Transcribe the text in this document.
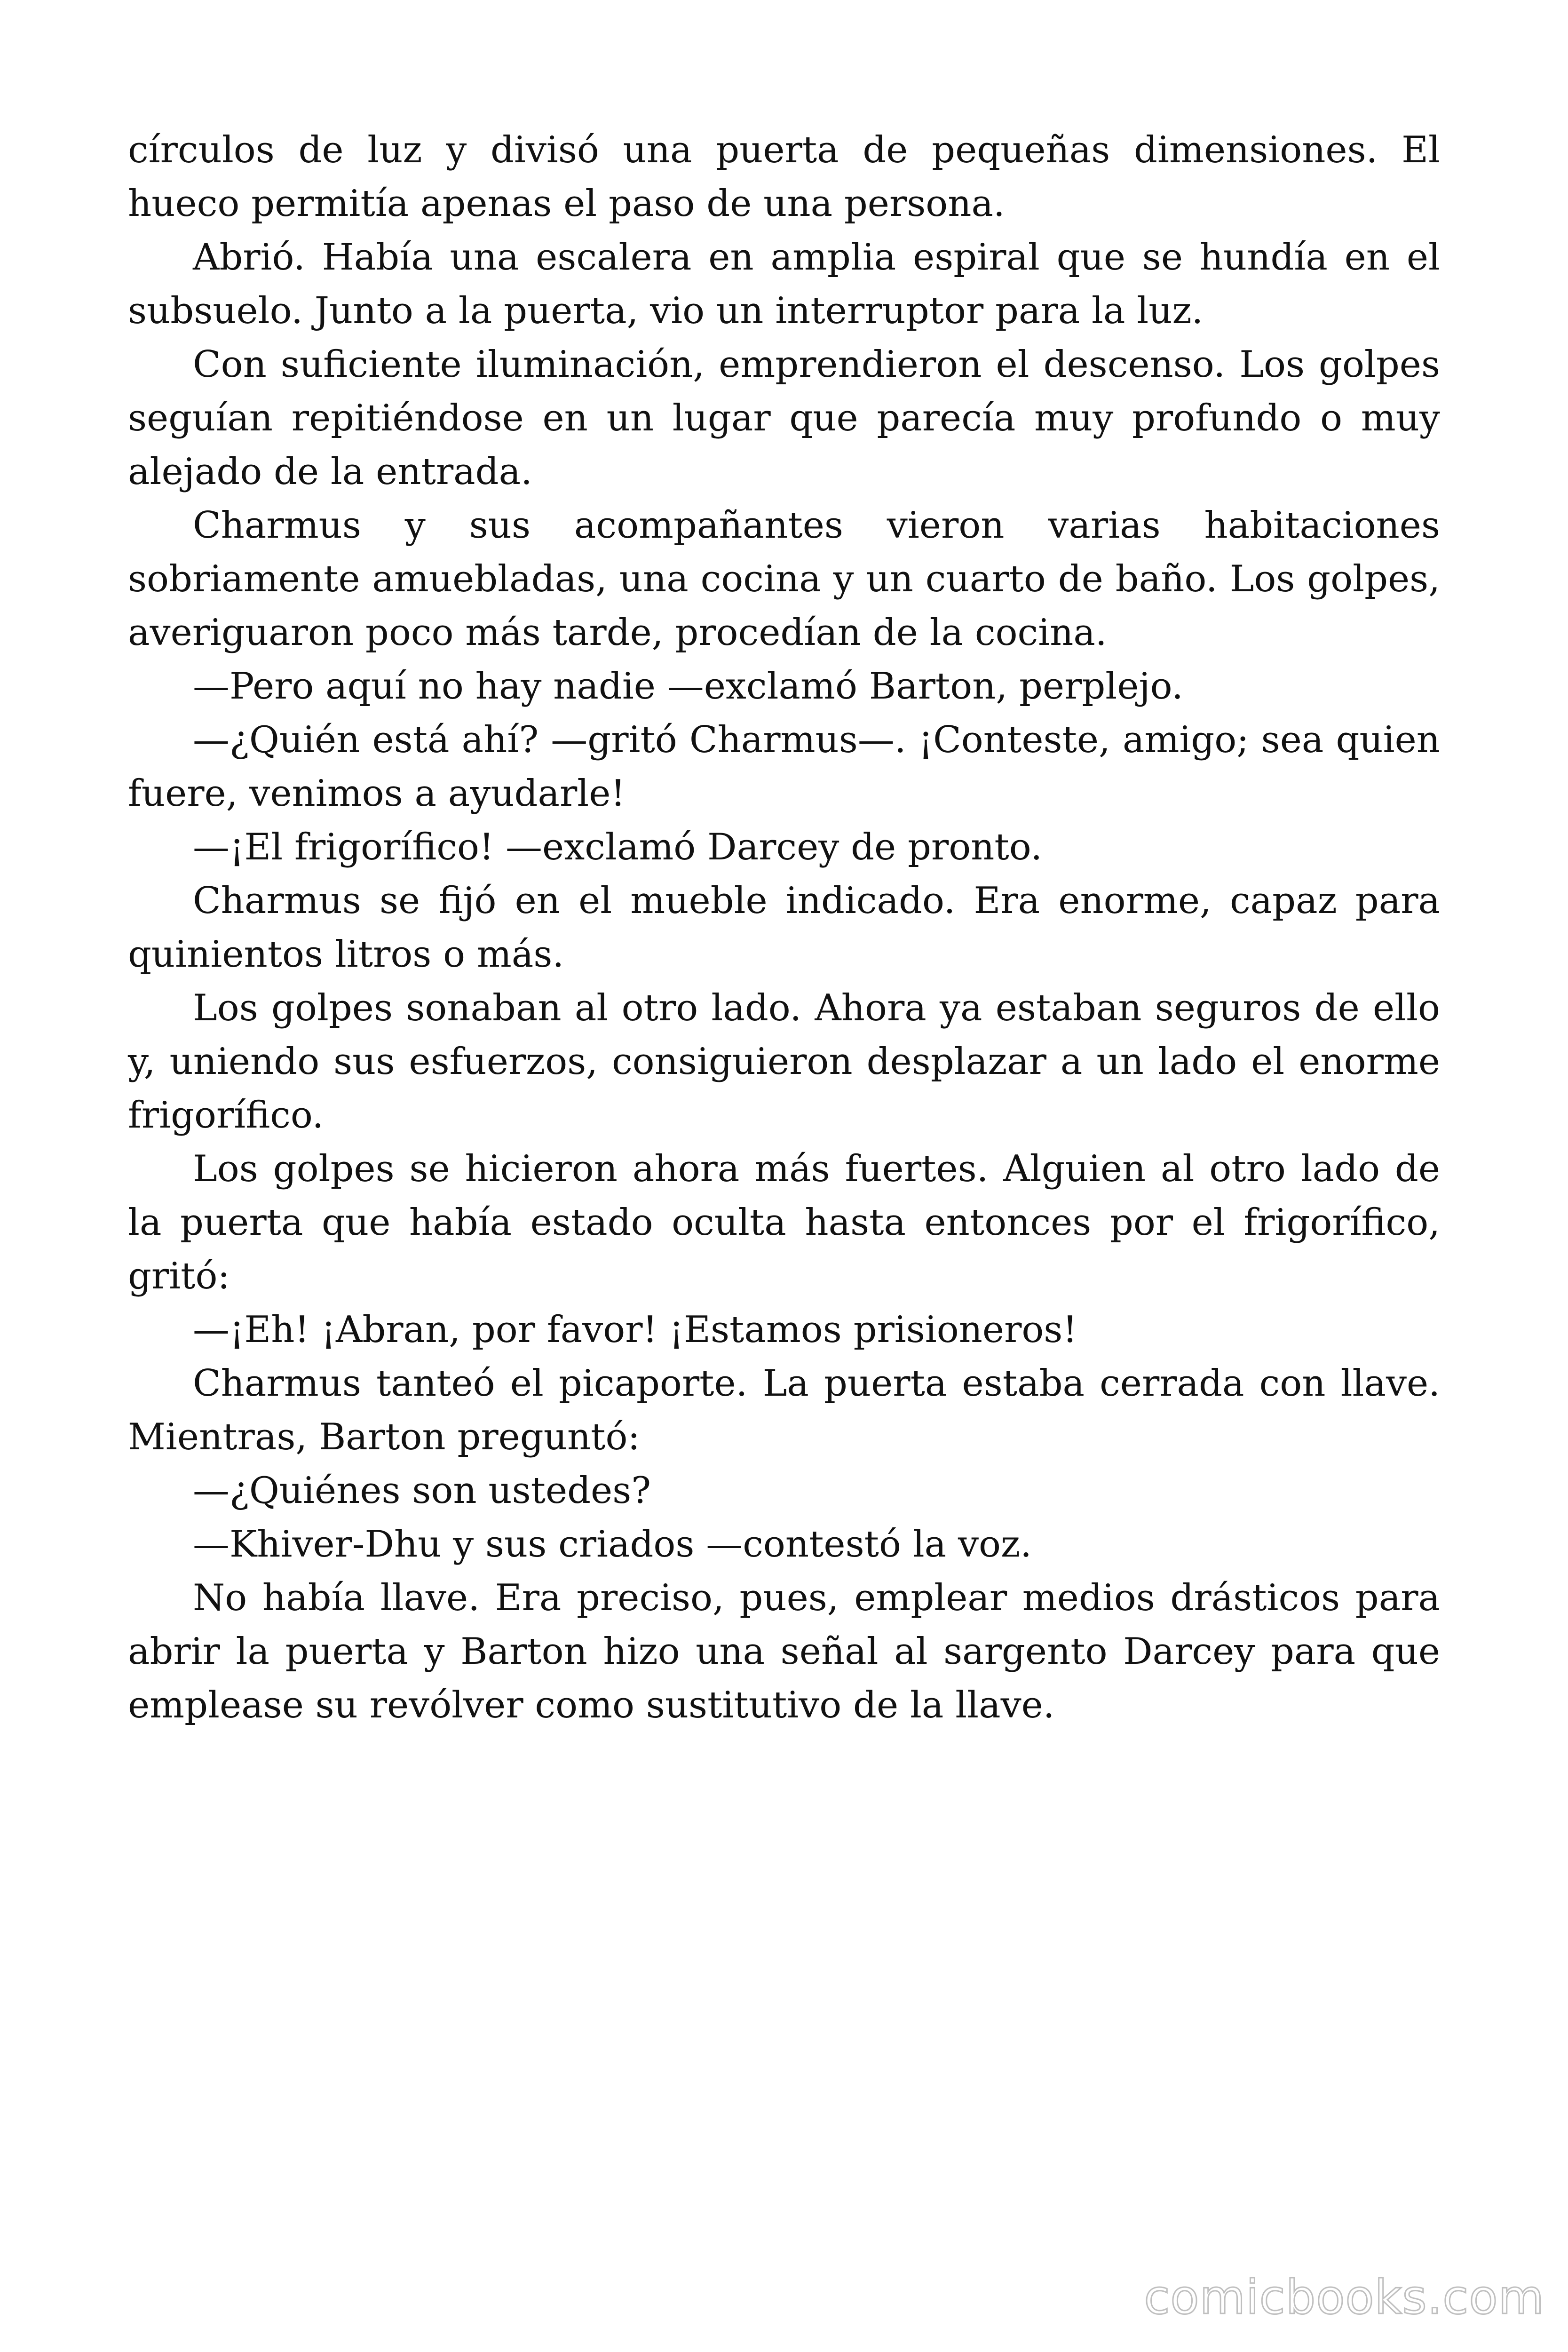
círculos de luz y divisó una puerta de pequeñas dimensiones. El hueco permitía apenas el paso de una persona.

Abrió. Había una escalera en amplia espiral que se hundía en el subsuelo. Junto a la puerta, vio un interruptor para la luz.

Con suficiente iluminación, emprendieron el descenso. Los golpes seguían repitiéndose en un lugar que parecía muy profundo o muy alejado de la entrada.

Charmus y sus acompañantes vieron varias habitaciones sobriamente amuebladas, una cocina y un cuarto de baño. Los golpes, averiguaron poco más tarde, procedían de la cocina.

—Pero aquí no hay nadie —exclamó Barton, perplejo.

—¿Quién está ahí? —gritó Charmus—. ¡Conteste, amigo; sea quien fuere, venimos a ayudarle!

—¡El frigorífico! —exclamó Darcey de pronto.

Charmus se fijó en el mueble indicado. Era enorme, capaz para quinientos litros o más.

Los golpes sonaban al otro lado. Ahora ya estaban seguros de ello y, uniendo sus esfuerzos, consiguieron desplazar a un lado el enorme frigorífico.

Los golpes se hicieron ahora más fuertes. Alguien al otro lado de la puerta que había estado oculta hasta entonces por el frigorífico, gritó:

—¡Eh! ¡Abran, por favor! ¡Estamos prisioneros!

Charmus tanteó el picaporte. La puerta estaba cerrada con llave. Mientras, Barton preguntó:

—¿Quiénes son ustedes?

—Khiver-Dhu y sus criados —contestó la voz.

No había llave. Era preciso, pues, emplear medios drásticos para abrir la puerta y Barton hizo una señal al sargento Darcey para que emplease su revólver como sustitutivo de la llave.

comicbooks.com
